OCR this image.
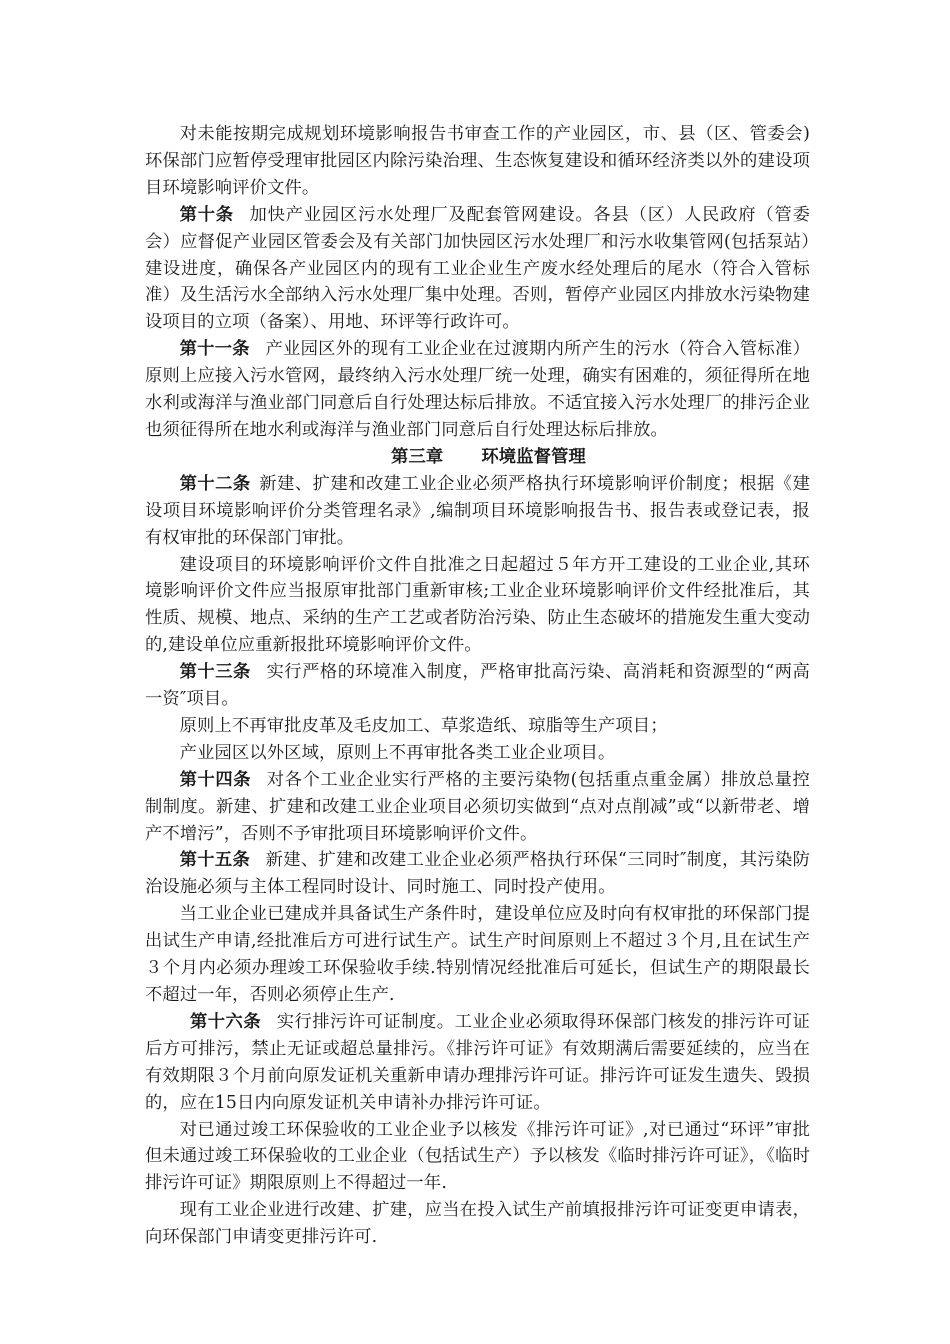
对未能按期完成规划环境影响报告书审查工作的产业园区，市、县（区、管委会)环保部门应暂停受理审批园区内除污染治理、生态恢复建设和循环经济类以外的建设项目环境影响评价文件。

第十条 加快产业园区污水处理厂及配套管网建设。各县（区）人民政府（管委会）应督促产业园区管委会及有关部门加快园区污水处理厂和污水收集管网(包括泵站）建设进度，确保各产业园区内的现有工业企业生产废水经处理后的尾水（符合入管标准）及生活污水全部纳入污水处理厂集中处理。否则，暂停产业园区内排放水污染物建设项目的立项（备案）、用地、环评等行政许可。

第十一条 产业园区外的现有工业企业在过渡期内所产生的污水（符合入管标准）原则上应接入污水管网，最终纳入污水处理厂统一处理，确实有困难的，须征得所在地水利或海洋与渔业部门同意后自行处理达标后排放。不适宜接入污水处理厂的排污企业也须征得所在地水利或海洋与渔业部门同意后自行处理达标后排放。

第三章 环境监督管理

第十二条 新建、扩建和改建工业企业必须严格执行环境影响评价制度；根据《建设项目环境影响评价分类管理名录》,编制项目环境影响报告书、报告表或登记表，报有权审批的环保部门审批。

建设项目的环境影响评价文件自批准之日起超过５年方开工建设的工业企业,其环境影响评价文件应当报原审批部门重新审核;工业企业环境影响评价文件经批准后，其性质、规模、地点、采纳的生产工艺或者防治污染、防止生态破坏的措施发生重大变动的,建设单位应重新报批环境影响评价文件。

第十三条 实行严格的环境准入制度，严格审批高污染、高消耗和资源型的“两高一资″项目。

原则上不再审批皮革及毛皮加工、草浆造纸、琼脂等生产项目；

产业园区以外区域，原则上不再审批各类工业企业项目。

第十四条 对各个工业企业实行严格的主要污染物(包括重点重金属）排放总量控制制度。新建、扩建和改建工业企业项目必须切实做到“点对点削减”或“以新带老、增产不增污”，否则不予审批项目环境影响评价文件。

第十五条 新建、扩建和改建工业企业必须严格执行环保“三同时″制度，其污染防治设施必须与主体工程同时设计、同时施工、同时投产使用。

当工业企业已建成并具备试生产条件时，建设单位应及时向有权审批的环保部门提出试生产申请,经批准后方可进行试生产。试生产时间原则上不超过３个月,且在试生产３个月内必须办理竣工环保验收手续.特别情况经批准后可延长，但试生产的期限最长不超过一年，否则必须停止生产.

第十六条 实行排污许可证制度。工业企业必须取得环保部门核发的排污许可证后方可排污，禁止无证或超总量排污。《排污许可证》有效期满后需要延续的，应当在有效期限３个月前向原发证机关重新申请办理排污许可证。排污许可证发生遗失、毁损的，应在15日内向原发证机关申请补办排污许可证。

对已通过竣工环保验收的工业企业予以核发《排污许可证》,对已通过“环评”审批但未通过竣工环保验收的工业企业（包括试生产）予以核发《临时排污许可证》，《临时排污许可证》期限原则上不得超过一年.

现有工业企业进行改建、扩建，应当在投入试生产前填报排污许可证变更申请表，向环保部门申请变更排污许可.
